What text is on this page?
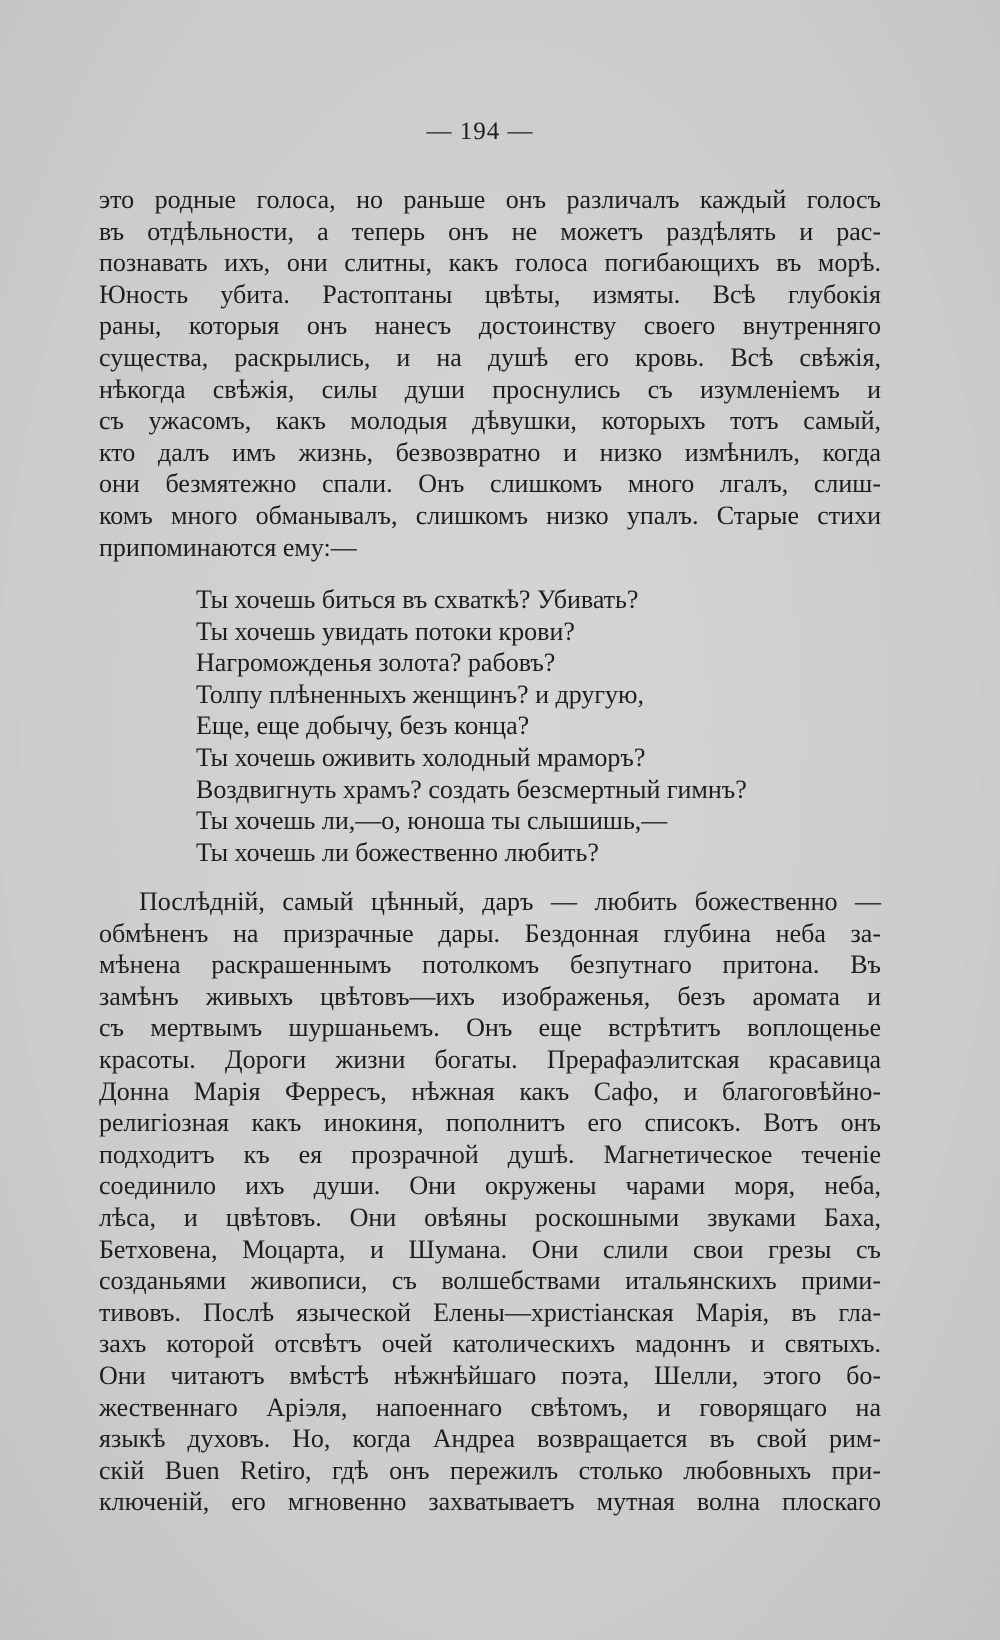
— 194 —
это родные голоса, но раньше онъ различалъ каждый голосъ
въ отдѣльности, а теперь онъ не можетъ раздѣлять и рас-
познавать ихъ, они слитны, какъ голоса погибающихъ въ морѣ.
Юность убита. Растоптаны цвѣты, измяты. Всѣ глубокiя
раны, которыя онъ нанесъ достоинству своего внутренняго
существа, раскрылись, и на душѣ его кровь. Всѣ свѣжiя,
нѣкогда свѣжiя, силы души проснулись съ изумленiемъ и
съ ужасомъ, какъ молодыя дѣвушки, которыхъ тотъ самый,
кто далъ имъ жизнь, безвозвратно и низко измѣнилъ, когда
они безмятежно спали. Онъ слишкомъ много лгалъ, слиш-
комъ много обманывалъ, слишкомъ низко упалъ. Старые стихи
припоминаются ему:—
Ты хочешь биться въ схваткѣ? Убивать?
Ты хочешь увидать потоки крови?
Нагроможденья золота? рабовъ?
Толпу плѣненныхъ женщинъ? и другую,
Еще, еще добычу, безъ конца?
Ты хочешь оживить холодный мраморъ?
Воздвигнуть храмъ? создать безсмертный гимнъ?
Ты хочешь ли,—о, юноша ты слышишь,—
Ты хочешь ли божественно любить?
Послѣднiй, самый цѣнный, даръ — любить божественно —
обмѣненъ на призрачные дары. Бездонная глубина неба за-
мѣнена раскрашеннымъ потолкомъ безпутнаго притона. Въ
замѣнъ живыхъ цвѣтовъ—ихъ изображенья, безъ аромата и
съ мертвымъ шуршаньемъ. Онъ еще встрѣтитъ воплощенье
красоты. Дороги жизни богаты. Прерафаэлитская красавица
Донна Марiя Ферресъ, нѣжная какъ Сафо, и благоговѣйно-
религiозная какъ инокиня, пополнитъ его списокъ. Вотъ онъ
подходитъ къ ея прозрачной душѣ. Магнетическое теченiе
соединило ихъ души. Они окружены чарами моря, неба,
лѣса, и цвѣтовъ. Они овѣяны роскошными звуками Баха,
Бетховена, Моцарта, и Шумана. Они слили свои грезы съ
созданьями живописи, съ волшебствами итальянскихъ прими-
тивовъ. Послѣ языческой Елены—христiанская Марiя, въ гла-
захъ которой отсвѣтъ очей католическихъ мадоннъ и святыхъ.
Они читаютъ вмѣстѣ нѣжнѣйшаго поэта, Шелли, этого бо-
жественнаго Арiэля, напоеннаго свѣтомъ, и говорящаго на
языкѣ духовъ. Но, когда Андреа возвращается въ свой рим-
скiй Buen Retiro, гдѣ онъ пережилъ столько любовныхъ при-
ключенiй, его мгновенно захватываетъ мутная волна плоскаго
